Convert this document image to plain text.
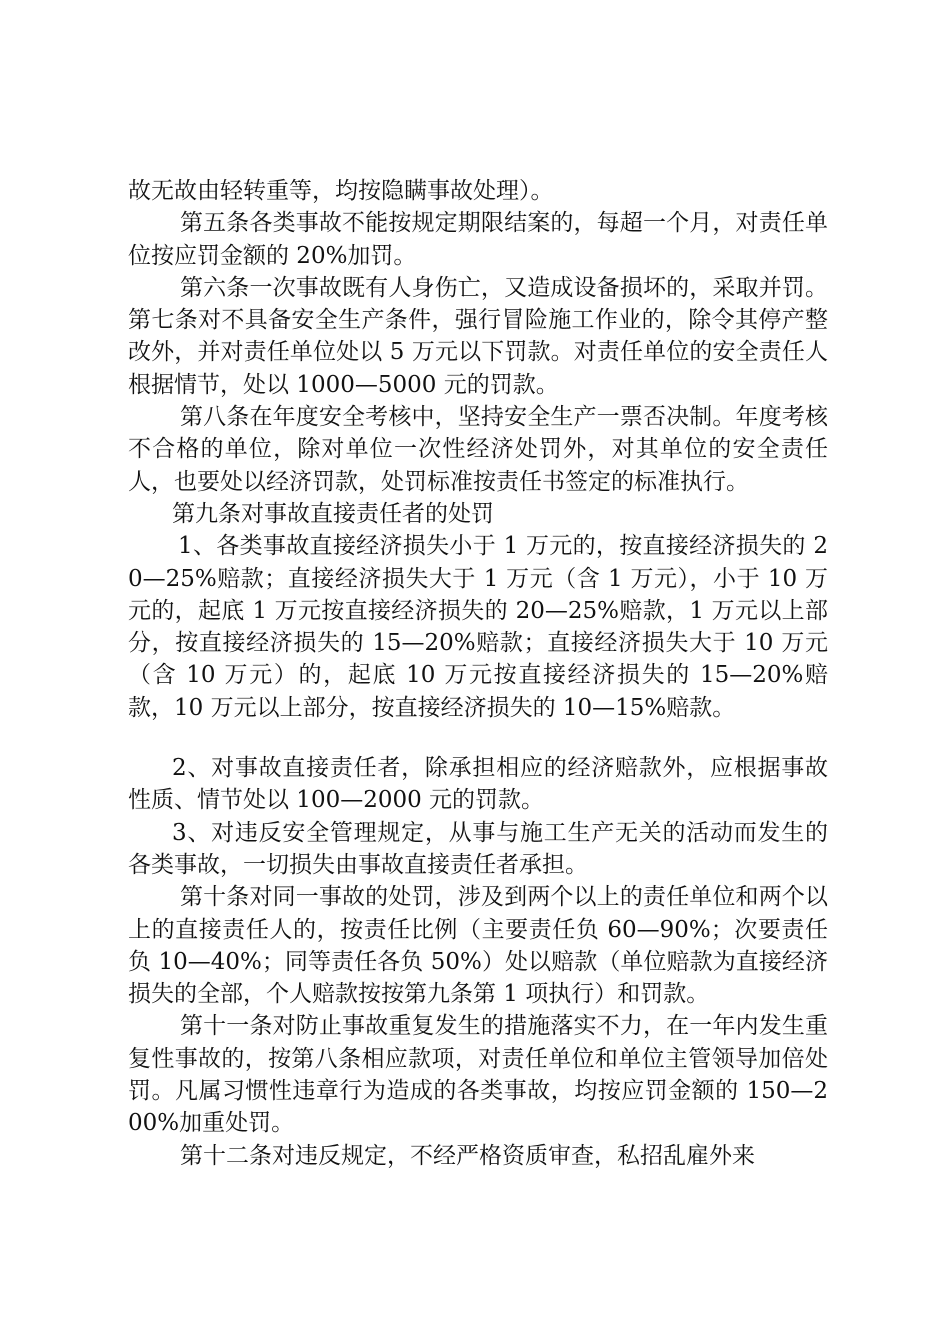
故无故由轻转重等，均按隐瞒事故处理）。

第五条各类事故不能按规定期限结案的，每超一个月，对责任单位按应罚金额的 20%加罚。

第六条一次事故既有人身伤亡，又造成设备损坏的，采取并罚。第七条对不具备安全生产条件，强行冒险施工作业的，除令其停产整改外，并对责任单位处以 5 万元以下罚款。对责任单位的安全责任人根据情节，处以 1000—5000 元的罚款。

第八条在年度安全考核中，坚持安全生产一票否决制。年度考核不合格的单位，除对单位一次性经济处罚外，对其单位的安全责任人，也要处以经济罚款，处罚标准按责任书签定的标准执行。

第九条对事故直接责任者的处罚

1、各类事故直接经济损失小于 1 万元的，按直接经济损失的 20—25%赔款；直接经济损失大于 1 万元（含 1 万元），小于 10 万元的，起底 1 万元按直接经济损失的 20—25%赔款，1 万元以上部分，按直接经济损失的 15—20%赔款；直接经济损失大于 10 万元（含 10 万元）的，起底 10 万元按直接经济损失的 15—20%赔款，10 万元以上部分，按直接经济损失的 10—15%赔款。

2、对事故直接责任者，除承担相应的经济赔款外，应根据事故性质、情节处以 100—2000 元的罚款。

3、对违反安全管理规定，从事与施工生产无关的活动而发生的各类事故，一切损失由事故直接责任者承担。

第十条对同一事故的处罚，涉及到两个以上的责任单位和两个以上的直接责任人的，按责任比例（主要责任负 60—90%；次要责任负 10—40%；同等责任各负 50%）处以赔款（单位赔款为直接经济损失的全部，个人赔款按按第九条第 1 项执行）和罚款。

第十一条对防止事故重复发生的措施落实不力，在一年内发生重复性事故的，按第八条相应款项，对责任单位和单位主管领导加倍处罚。凡属习惯性违章行为造成的各类事故，均按应罚金额的 150—200%加重处罚。

第十二条对违反规定，不经严格资质审查，私招乱雇外来
